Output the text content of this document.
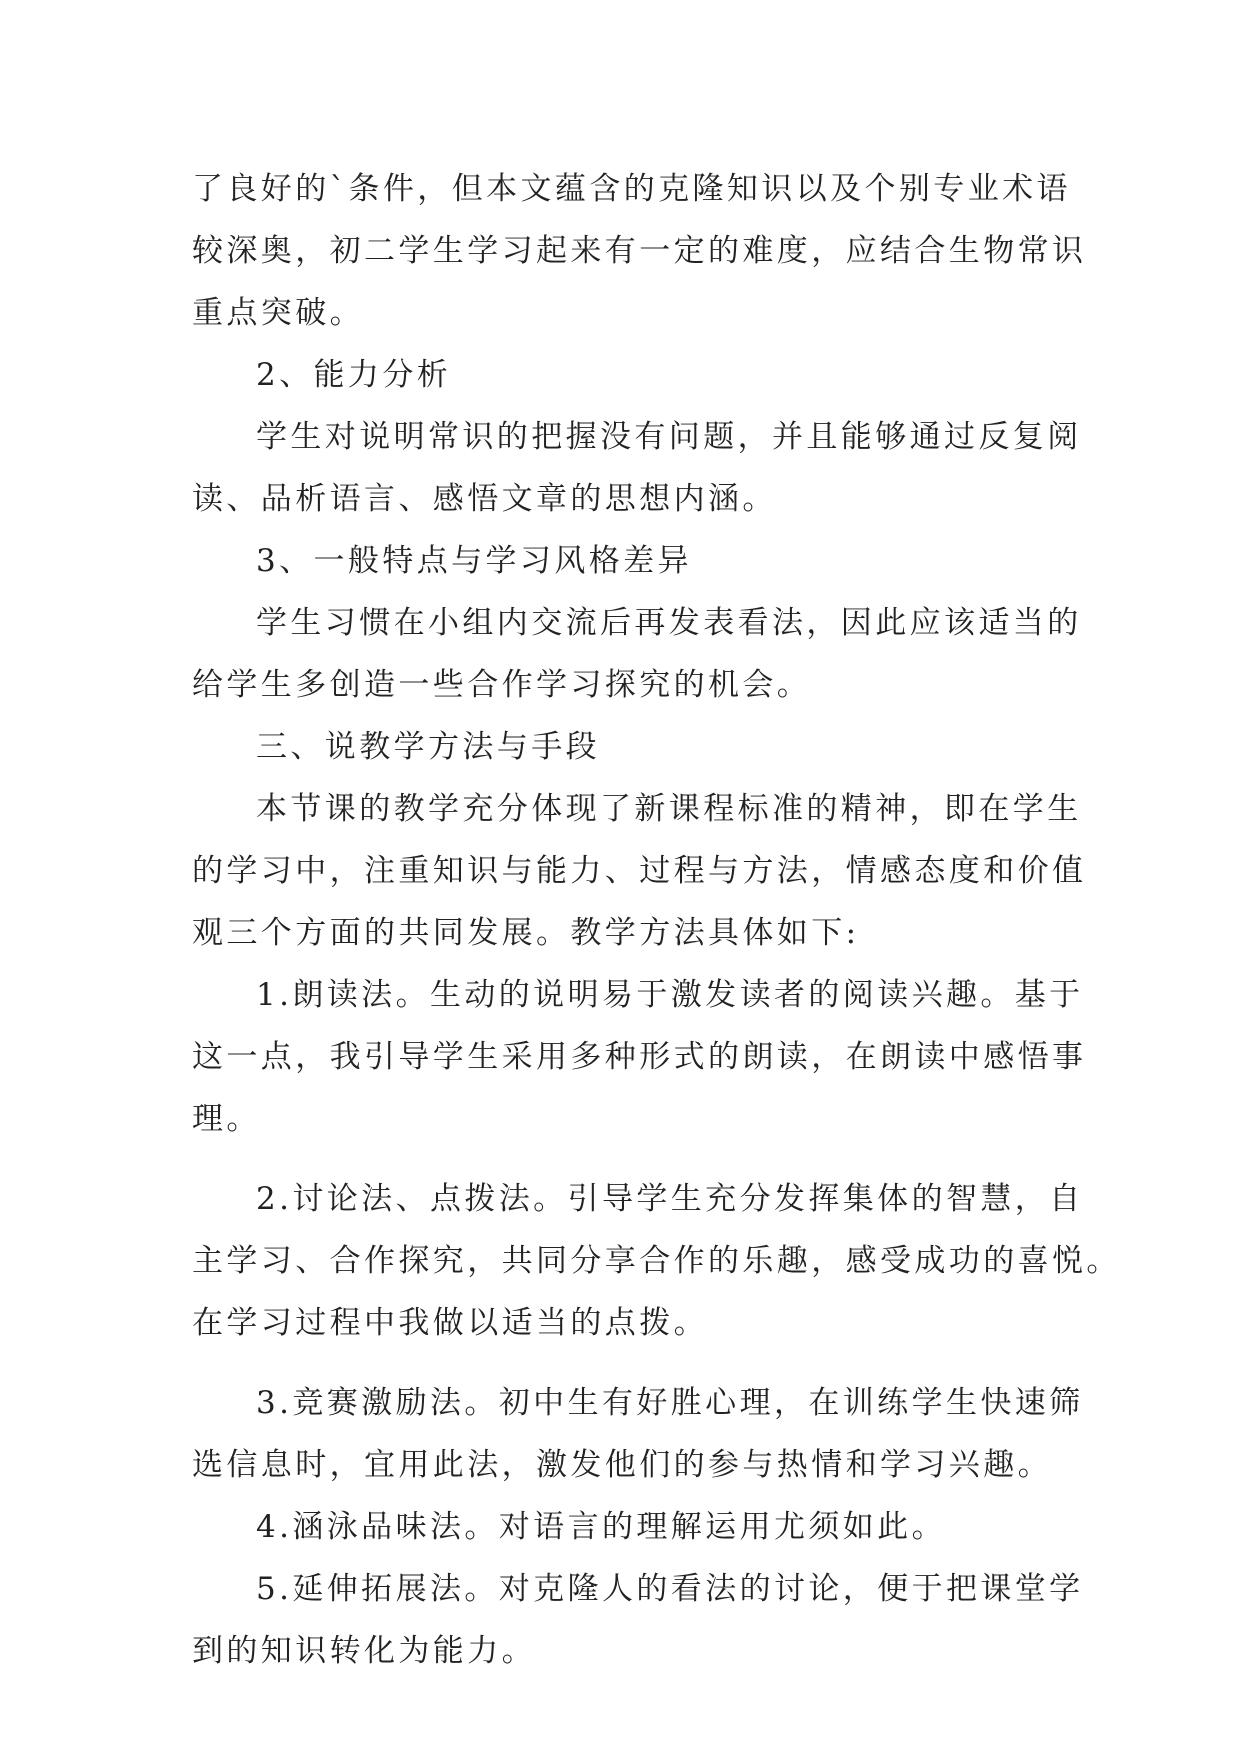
了良好的`条件，但本文蕴含的克隆知识以及个别专业术语
较深奥，初二学生学习起来有一定的难度，应结合生物常识
重点突破。
2、能力分析
学生对说明常识的把握没有问题，并且能够通过反复阅
读、品析语言、感悟文章的思想内涵。
3、一般特点与学习风格差异
学生习惯在小组内交流后再发表看法，因此应该适当的
给学生多创造一些合作学习探究的机会。
三、说教学方法与手段
本节课的教学充分体现了新课程标准的精神，即在学生
的学习中，注重知识与能力、过程与方法，情感态度和价值
观三个方面的共同发展。教学方法具体如下:
1.朗读法。生动的说明易于激发读者的阅读兴趣。基于
这一点，我引导学生采用多种形式的朗读，在朗读中感悟事
理。
2.讨论法、点拨法。引导学生充分发挥集体的智慧，自
主学习、合作探究，共同分享合作的乐趣，感受成功的喜悦。
在学习过程中我做以适当的点拨。
3.竞赛激励法。初中生有好胜心理，在训练学生快速筛
选信息时，宜用此法，激发他们的参与热情和学习兴趣。
4.涵泳品味法。对语言的理解运用尤须如此。
5.延伸拓展法。对克隆人的看法的讨论，便于把课堂学
到的知识转化为能力。
